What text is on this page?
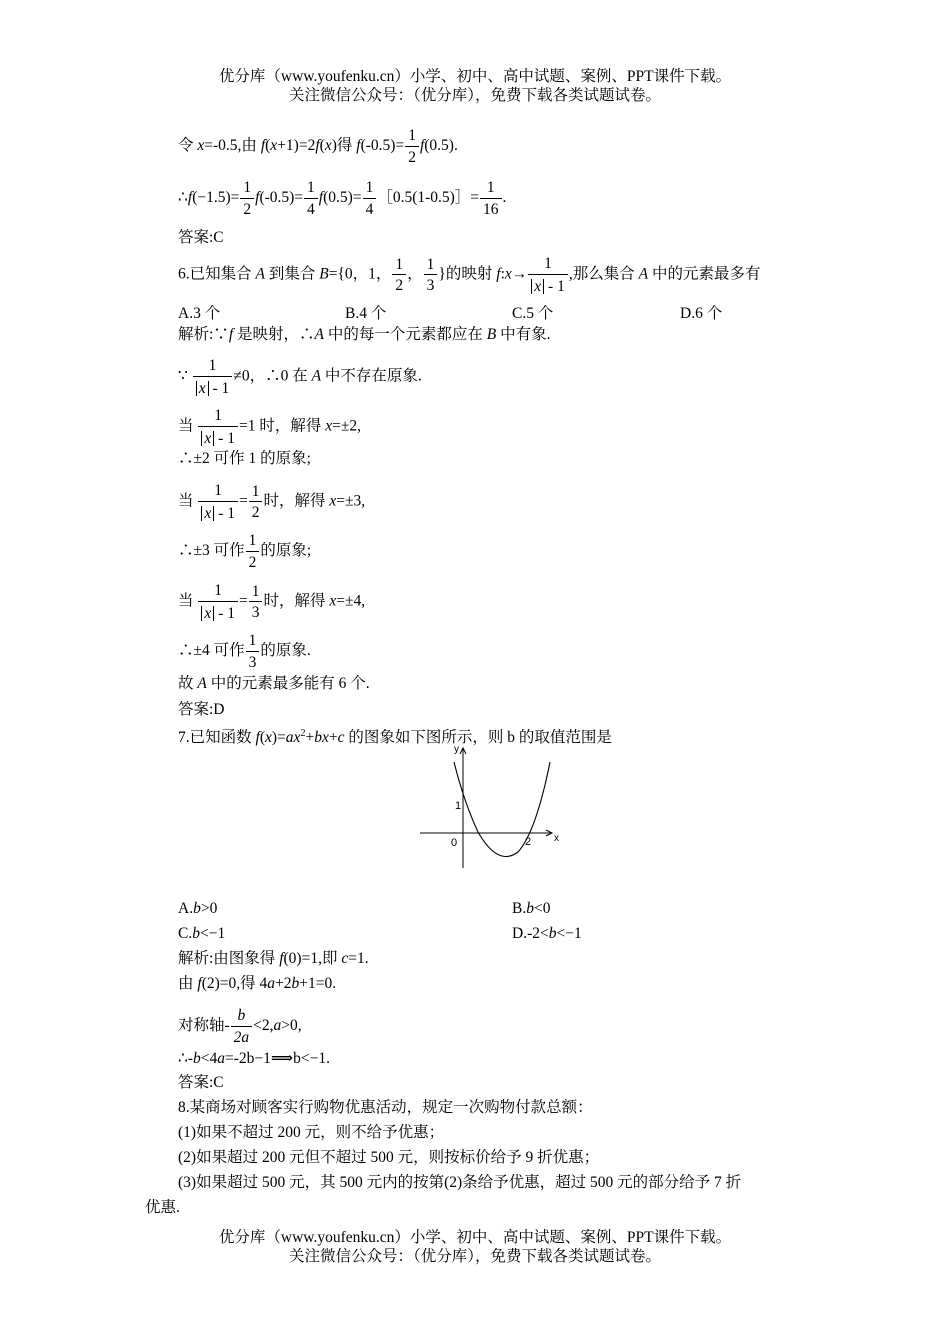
优分库（www.youfenku.cn）小学、初中、高中试题、案例、PPT课件下载。
关注微信公众号：（优分库），免费下载各类试题试卷。
令 x=-0.5,由 f(x+1)=2f(x)得 $f(-0.5)= \frac{1}{2} f(0.5)$.
∴f(−1.5)= $\frac{1}{2} f(-0.5)= \frac{1}{4} f(0.5)= \frac{1}{4}$ ［0.5(1-0.5)］= $\frac{1}{16}$ .
答案:C
6.已知集合 A 到集合 B={0，1， $\frac{1}{2}$ ， $\frac{1}{3}$ }的映射 f:x→ $\frac{1}{x - 1}$ ,那么集合 A 中的元素最多有
A.3 个	B.4 个	C.5 个	D.6 个
解析:∵f 是映射，∴A 中的每一个元素都应在 B 中有象.
∵ $\frac{1}{x - 1} \ne 0$，∴0 在 A 中不存在原象.
当 $\frac{1}{x - 1} =1$ 时，解得 x=±2,
∴±2 可作 1 的原象;
当 $\frac{1}{x - 1} = \frac{1}{2}$ 时，解得 x=±3,
∴±3 可作 $\frac{1}{2}$ 的原象;
当 $\frac{1}{x - 1} = \frac{1}{3}$ 时，解得 x=±4,
∴±4 可作 $\frac{1}{3}$ 的原象.
故 A 中的元素最多能有 6 个.
答案:D
7.已知函数 $f(x)=ax^2+bx+c$ 的图象如下图所示，则 b 的取值范围是
y
x
1
0	2
A.b>0	B.b<0
C.b<−1	D.-2<b<−1
解析:由图象得 f(0)=1,即 c=1.
由 f(2)=0,得 4a+2b+1=0.
对称轴- $\frac{b}{2a} <2,a>0$,
∴-b<4a=-2b−1⟹b<−1.
答案:C
8.某商场对顾客实行购物优惠活动，规定一次购物付款总额：
(1)如果不超过 200 元，则不给予优惠；
(2)如果超过 200 元但不超过 500 元，则按标价给予 9 折优惠；
(3)如果超过 500 元，其 500 元内的按第(2)条给予优惠，超过 500 元的部分给予 7 折
优惠.
优分库（www.youfenku.cn）小学、初中、高中试题、案例、PPT课件下载。
关注微信公众号：（优分库），免费下载各类试题试卷。
